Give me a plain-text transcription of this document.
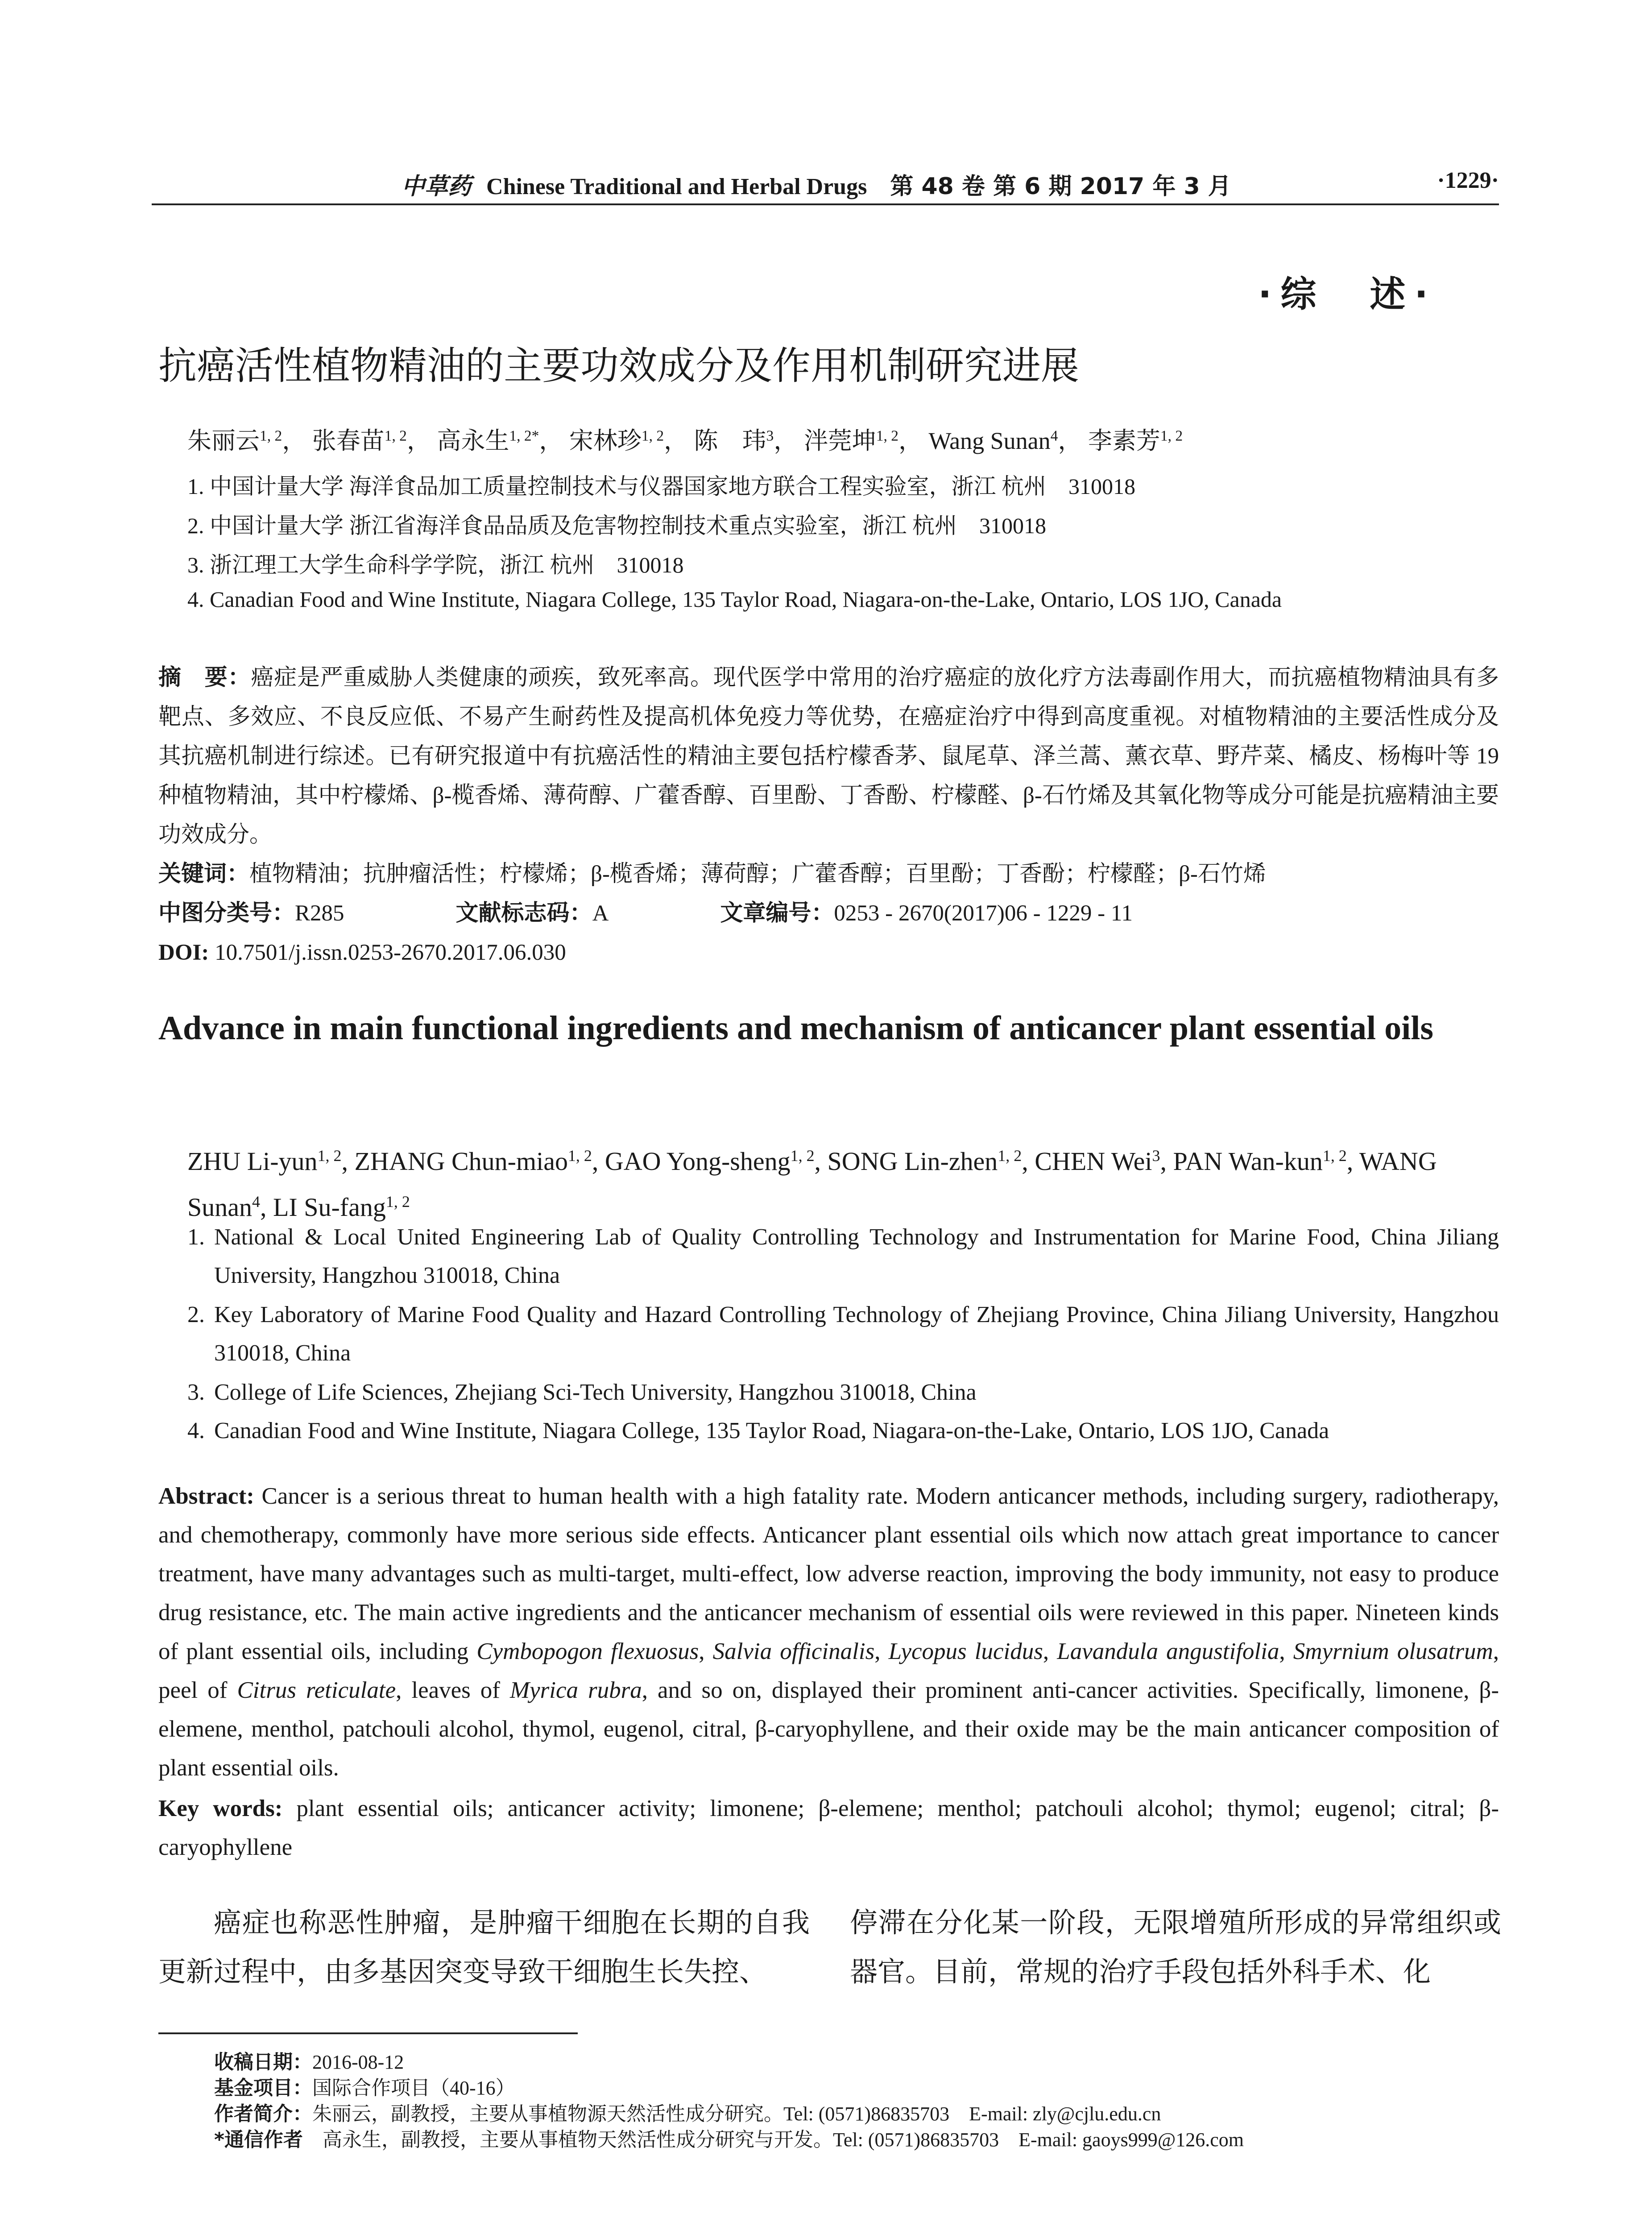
中草药 Chinese Traditional and Herbal Drugs　 第 48 卷 第 6 期 2017 年 3 月	·1229·
·综　述·
抗癌活性植物精油的主要功效成分及作用机制研究进展
朱丽云$^{1, 2}$， 张春苗$^{1, 2}$， 高永生$^{1, 2*}$， 宋林珍$^{1, 2}$， 陈　玮$^3$， 泮莞坤$^{1, 2}$， Wang Sunan$^4$， 李素芳$^{1, 2}$
1. 中国计量大学 海洋食品加工质量控制技术与仪器国家地方联合工程实验室，浙江 杭州　310018
2. 中国计量大学 浙江省海洋食品品质及危害物控制技术重点实验室，浙江 杭州　310018
3. 浙江理工大学生命科学学院，浙江 杭州　310018
4. Canadian Food and Wine Institute, Niagara College, 135 Taylor Road, Niagara-on-the-Lake, Ontario, LOS 1JO, Canada
摘　要：癌症是严重威胁人类健康的顽疾，致死率高。现代医学中常用的治疗癌症的放化疗方法毒副作用大，而抗癌植物精油具有多靶点、多效应、不良反应低、不易产生耐药性及提高机体免疫力等优势，在癌症治疗中得到高度重视。对植物精油的主要活性成分及其抗癌机制进行综述。已有研究报道中有抗癌活性的精油主要包括柠檬香茅、鼠尾草、泽兰蒿、薰衣草、野芹菜、橘皮、杨梅叶等 19 种植物精油，其中柠檬烯、β-榄香烯、薄荷醇、广藿香醇、百里酚、丁香酚、柠檬醛、β-石竹烯及其氧化物等成分可能是抗癌精油主要功效成分。
关键词：植物精油；抗肿瘤活性；柠檬烯；β-榄香烯；薄荷醇；广藿香醇；百里酚；丁香酚；柠檬醛；β-石竹烯
中图分类号：R285	文献标志码：A	文章编号：0253 - 2670(2017)06 - 1229 - 11
DOI: 10.7501/j.issn.0253-2670.2017.06.030
Advance in main functional ingredients and mechanism of anticancer plant essential oils
ZHU Li-yun$^{1, 2}$, ZHANG Chun-miao$^{1, 2}$, GAO Yong-sheng$^{1, 2}$, SONG Lin-zhen$^{1, 2}$, CHEN Wei$^3$, PAN Wan-kun$^{1, 2}$, WANG Sunan$^4$, LI Su-fang$^{1, 2}$
1. National & Local United Engineering Lab of Quality Controlling Technology and Instrumentation for Marine Food, China Jiliang University, Hangzhou 310018, China
2. Key Laboratory of Marine Food Quality and Hazard Controlling Technology of Zhejiang Province, China Jiliang University, Hangzhou 310018, China
3. College of Life Sciences, Zhejiang Sci-Tech University, Hangzhou 310018, China
4. Canadian Food and Wine Institute, Niagara College, 135 Taylor Road, Niagara-on-the-Lake, Ontario, LOS 1JO, Canada
Abstract: Cancer is a serious threat to human health with a high fatality rate. Modern anticancer methods, including surgery, radiotherapy, and chemotherapy, commonly have more serious side effects. Anticancer plant essential oils which now attach great importance to cancer treatment, have many advantages such as multi-target, multi-effect, low adverse reaction, improving the body immunity, not easy to produce drug resistance, etc. The main active ingredients and the anticancer mechanism of essential oils were reviewed in this paper. Nineteen kinds of plant essential oils, including Cymbopogon flexuosus, Salvia officinalis, Lycopus lucidus, Lavandula angustifolia, Smyrnium olusatrum, peel of Citrus reticulate, leaves of Myrica rubra, and so on, displayed their prominent anti-cancer activities. Specifically, limonene, β-elemene, menthol, patchouli alcohol, thymol, eugenol, citral, β-caryophyllene, and their oxide may be the main anticancer composition of plant essential oils.
Key words: plant essential oils; anticancer activity; limonene; β-elemene; menthol; patchouli alcohol; thymol; eugenol; citral; β-caryophyllene
癌症也称恶性肿瘤，是肿瘤干细胞在长期的自我更新过程中，由多基因突变导致干细胞生长失控、
停滞在分化某一阶段，无限增殖所形成的异常组织或器官。目前，常规的治疗手段包括外科手术、化
收稿日期：2016-08-12
基金项目：国际合作项目（40-16）
作者简介：朱丽云，副教授，主要从事植物源天然活性成分研究。Tel: (0571)86835703　E-mail: zly@cjlu.edu.cn
*通信作者　高永生，副教授，主要从事植物天然活性成分研究与开发。Tel: (0571)86835703　E-mail: gaoys999@126.com
